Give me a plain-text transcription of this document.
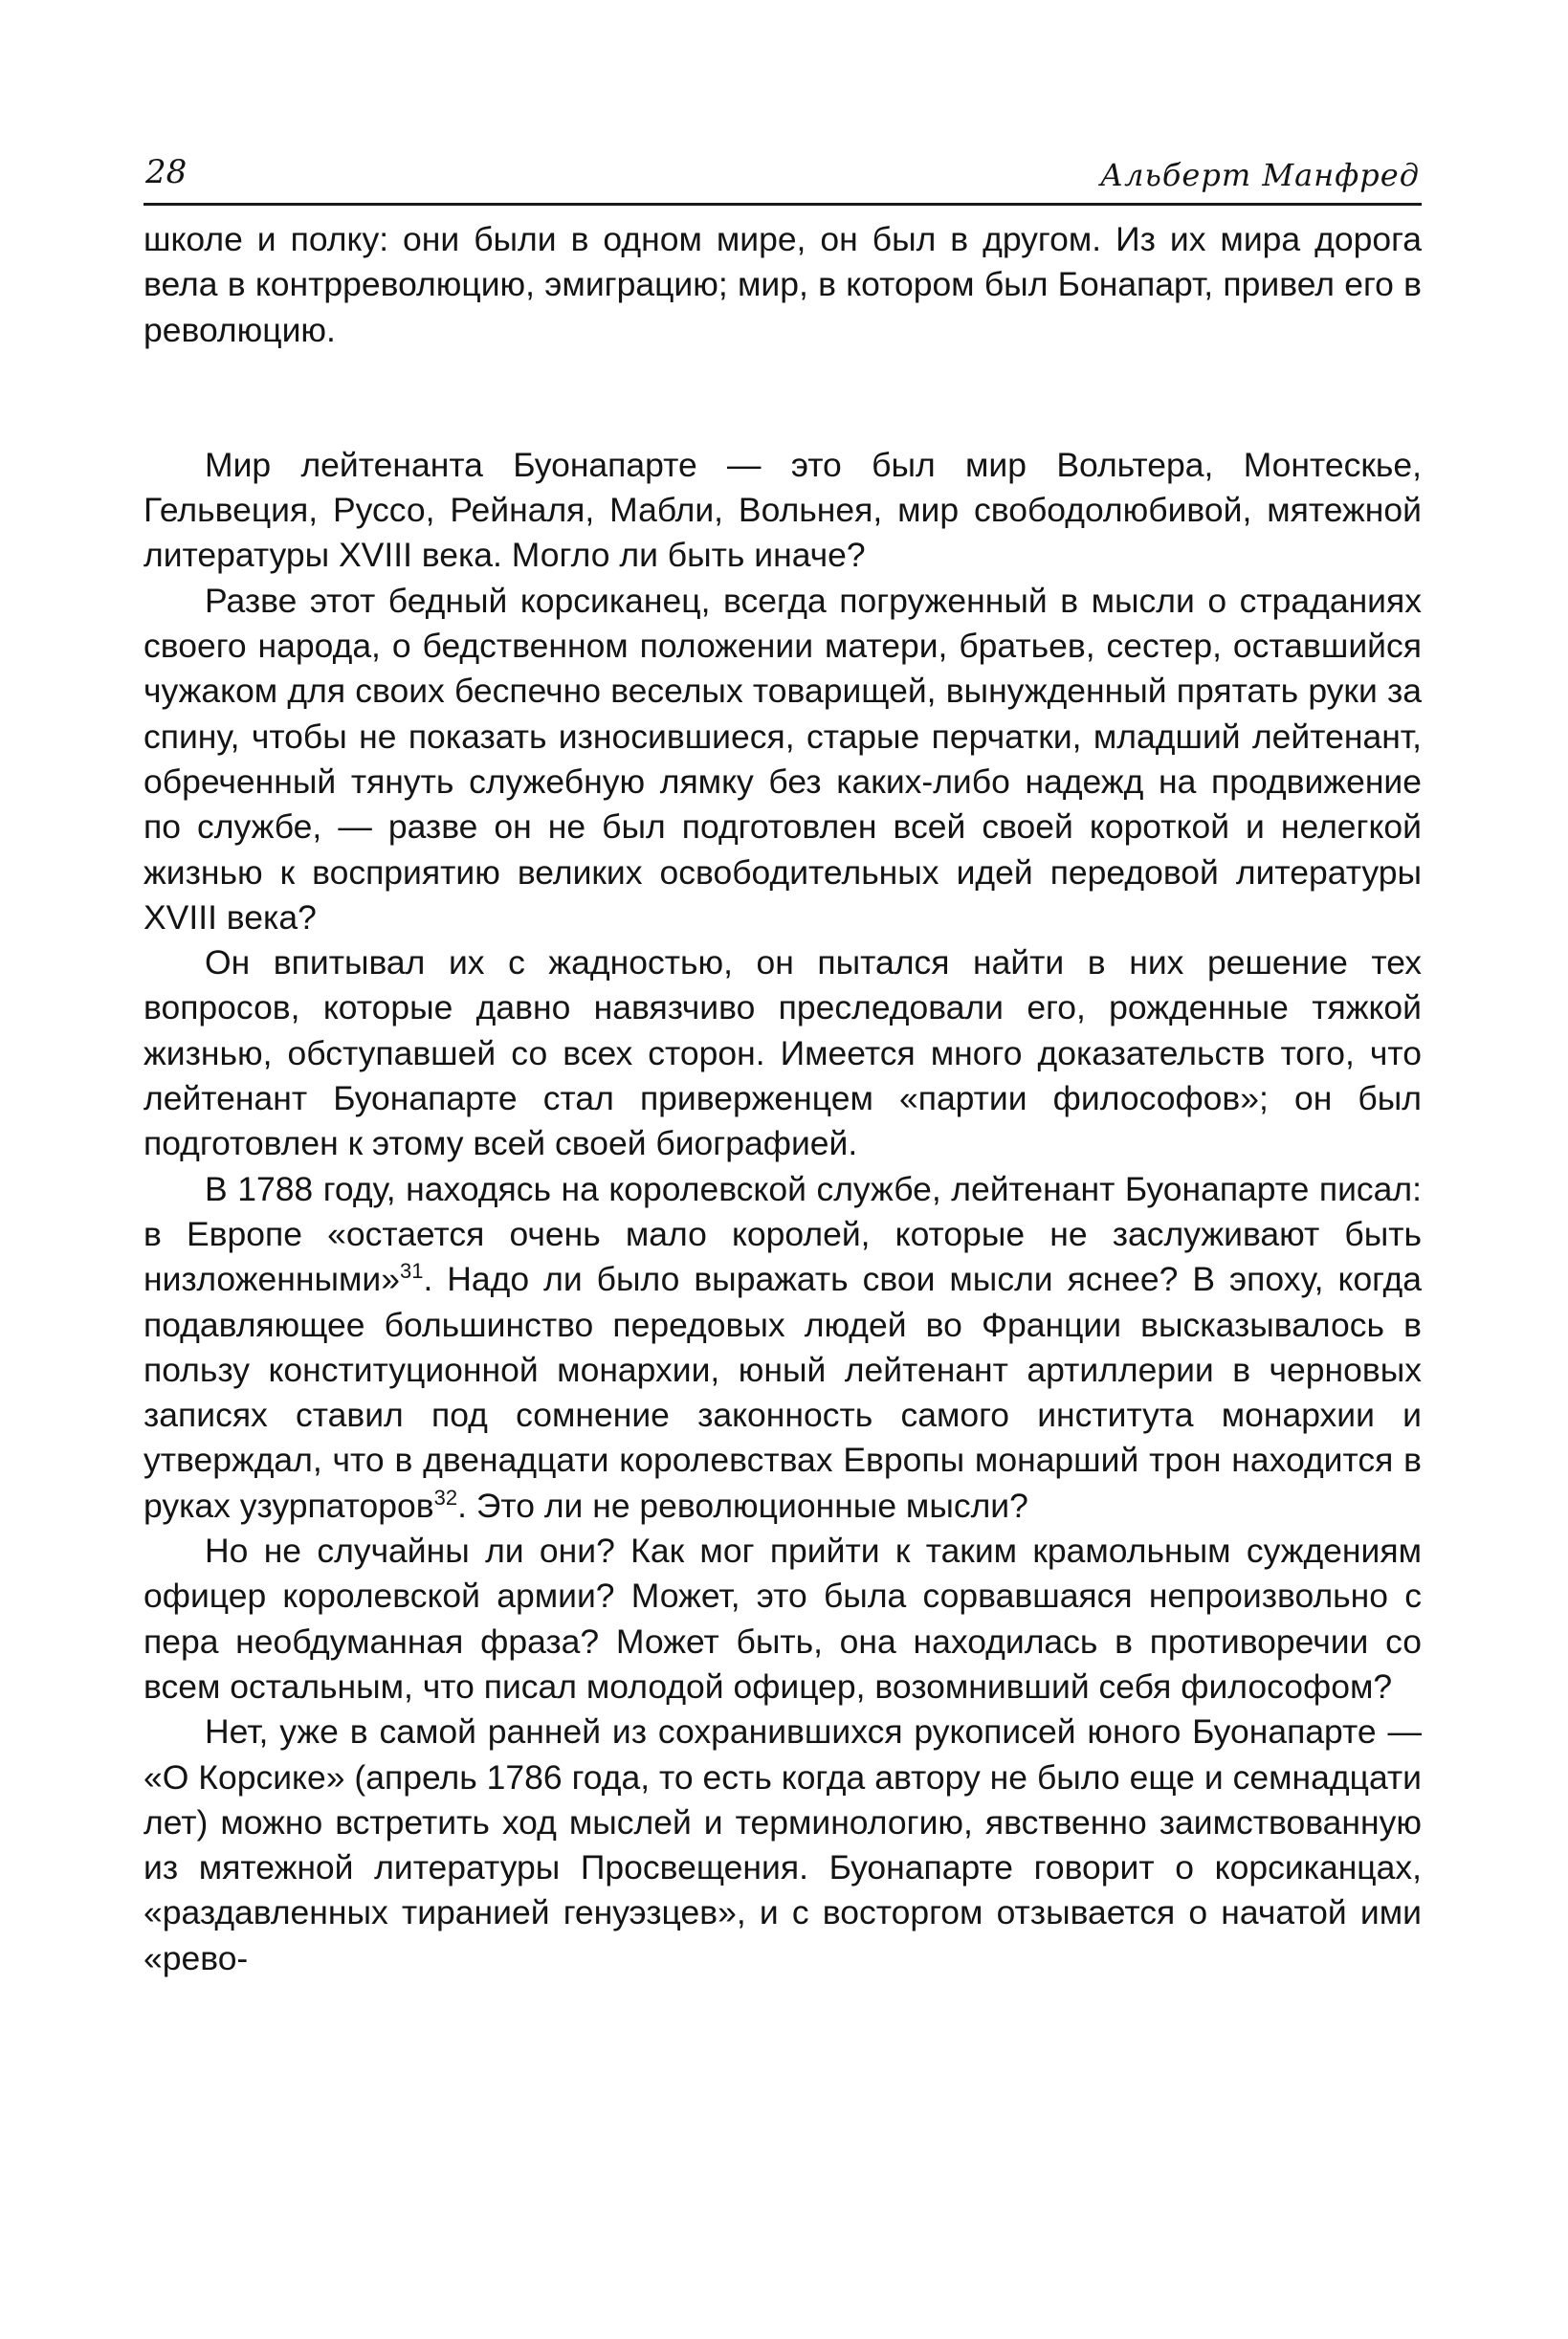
28	Альберт Манфред

школе и полку: они были в одном мире, он был в другом. Из их мира дорога вела в контрреволюцию, эмиграцию; мир, в котором был Бонапарт, привел его в революцию.

Мир лейтенанта Буонапарте — это был мир Вольтера, Монтескье, Гельвеция, Руссо, Рейналя, Мабли, Вольнея, мир свободолюбивой, мятежной литературы XVIII века. Могло ли быть иначе?

Разве этот бедный корсиканец, всегда погруженный в мысли о страданиях своего народа, о бедственном положении матери, братьев, сестер, оставшийся чужаком для своих беспечно веселых товарищей, вынужденный прятать руки за спину, чтобы не показать износившиеся, старые перчатки, младший лейтенант, обреченный тянуть служебную лямку без каких-либо надежд на продвижение по службе, — разве он не был подготовлен всей своей короткой и нелегкой жизнью к восприятию великих освободительных идей передовой литературы XVIII века?

Он впитывал их с жадностью, он пытался найти в них решение тех вопросов, которые давно навязчиво преследовали его, рожденные тяжкой жизнью, обступавшей со всех сторон. Имеется много доказательств того, что лейтенант Буонапарте стал приверженцем «партии философов»; он был подготовлен к этому всей своей биографией.

В 1788 году, находясь на королевской службе, лейтенант Буонапарте писал: в Европе «остается очень мало королей, которые не заслуживают быть низложенными»$^{31}$. Надо ли было выражать свои мысли яснее? В эпоху, когда подавляющее большинство передовых людей во Франции высказывалось в пользу конституционной монархии, юный лейтенант артиллерии в черновых записях ставил под сомнение законность самого института монархии и утверждал, что в двенадцати королевствах Европы монарший трон находится в руках узурпаторов$^{32}$. Это ли не революционные мысли?

Но не случайны ли они? Как мог прийти к таким крамольным суждениям офицер королевской армии? Может, это была сорвавшаяся непроизвольно с пера необдуманная фраза? Может быть, она находилась в противоречии со всем остальным, что писал молодой офицер, возомнивший себя философом?

Нет, уже в самой ранней из сохранившихся рукописей юного Буонапарте — «О Корсике» (апрель 1786 года, то есть когда автору не было еще и семнадцати лет) можно встретить ход мыслей и терминологию, явственно заимствованную из мятежной литературы Просвещения. Буонапарте говорит о корсиканцах, «раздавленных тиранией генуэзцев», и с восторгом отзывается о начатой ими «рево-
